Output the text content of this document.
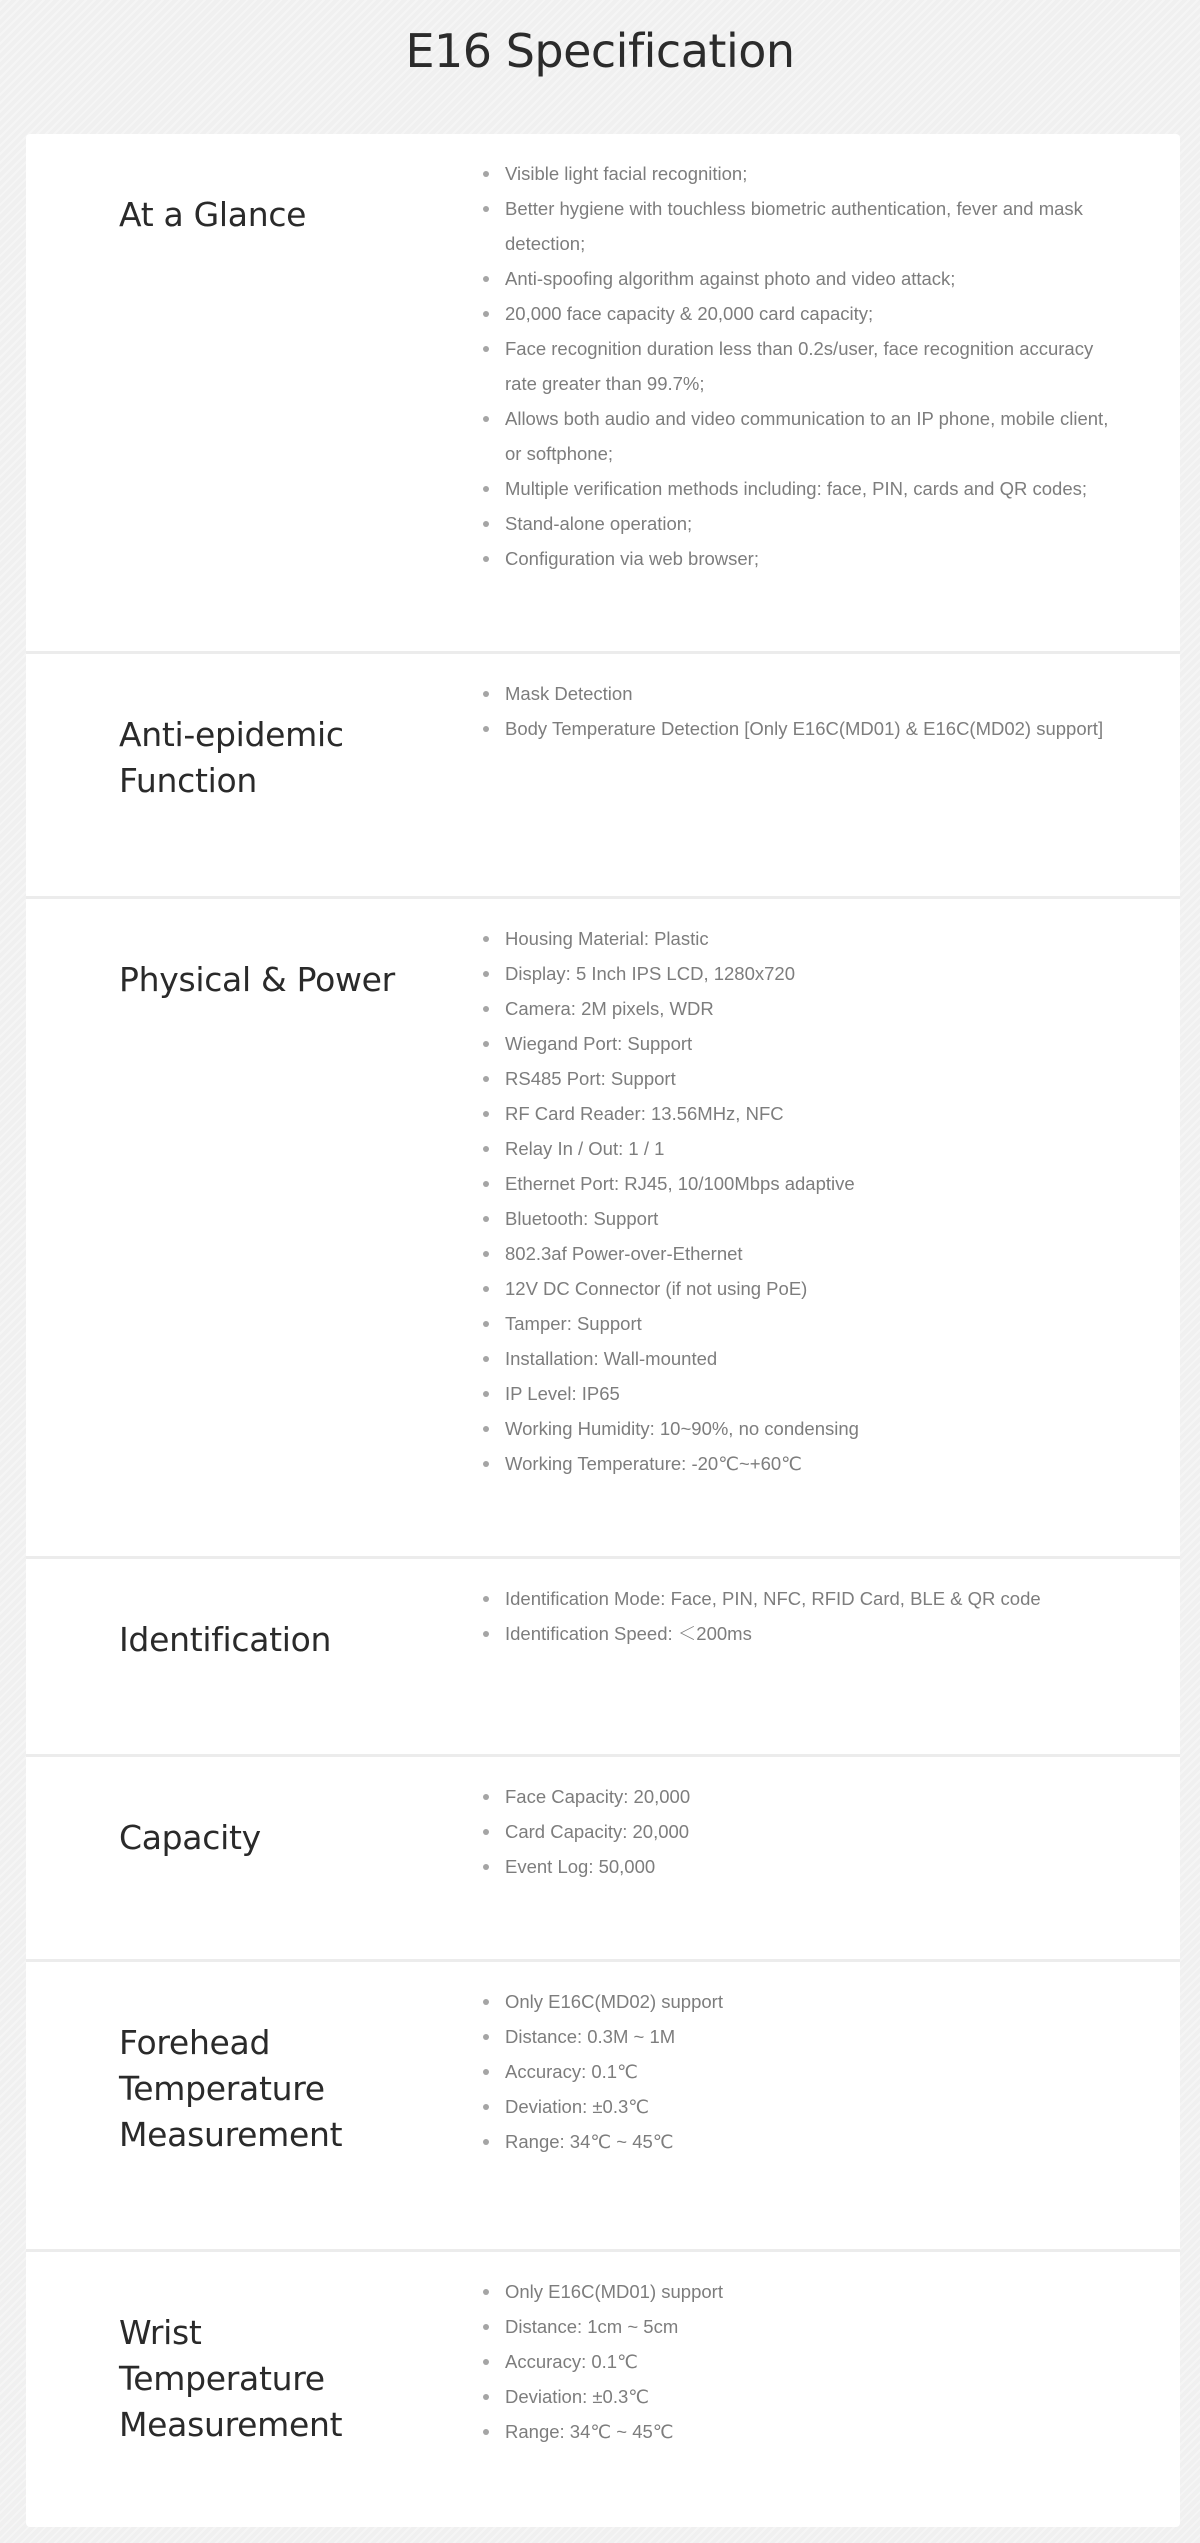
E16 Specification
At a Glance
Visible light facial recognition;
Better hygiene with touchless biometric authentication, fever and mask detection;
Anti-spoofing algorithm against photo and video attack;
20,000 face capacity & 20,000 card capacity;
Face recognition duration less than 0.2s/user, face recognition accuracy rate greater than 99.7%;
Allows both audio and video communication to an IP phone, mobile client, or softphone;
Multiple verification methods including: face, PIN, cards and QR codes;
Stand-alone operation;
Configuration via web browser;
Anti-epidemic Function
Mask Detection
Body Temperature Detection [Only E16C(MD01) & E16C(MD02) support]
Physical & Power
Housing Material: Plastic
Display: 5 Inch IPS LCD, 1280x720
Camera: 2M pixels, WDR
Wiegand Port: Support
RS485 Port: Support
RF Card Reader: 13.56MHz, NFC
Relay In / Out: 1 / 1
Ethernet Port: RJ45, 10/100Mbps adaptive
Bluetooth: Support
802.3af Power-over-Ethernet
12V DC Connector (if not using PoE)
Tamper: Support
Installation: Wall-mounted
IP Level: IP65
Working Humidity: 10~90%, no condensing
Working Temperature: -20℃~+60℃
Identification
Identification Mode: Face, PIN, NFC, RFID Card, BLE & QR code
Identification Speed: ＜200ms
Capacity
Face Capacity: 20,000
Card Capacity: 20,000
Event Log: 50,000
Forehead Temperature Measurement
Only E16C(MD02) support
Distance: 0.3M ~ 1M
Accuracy: 0.1℃
Deviation: ±0.3℃
Range: 34℃ ~ 45℃
Wrist Temperature Measurement
Only E16C(MD01) support
Distance: 1cm ~ 5cm
Accuracy: 0.1℃
Deviation: ±0.3℃
Range: 34℃ ~ 45℃
